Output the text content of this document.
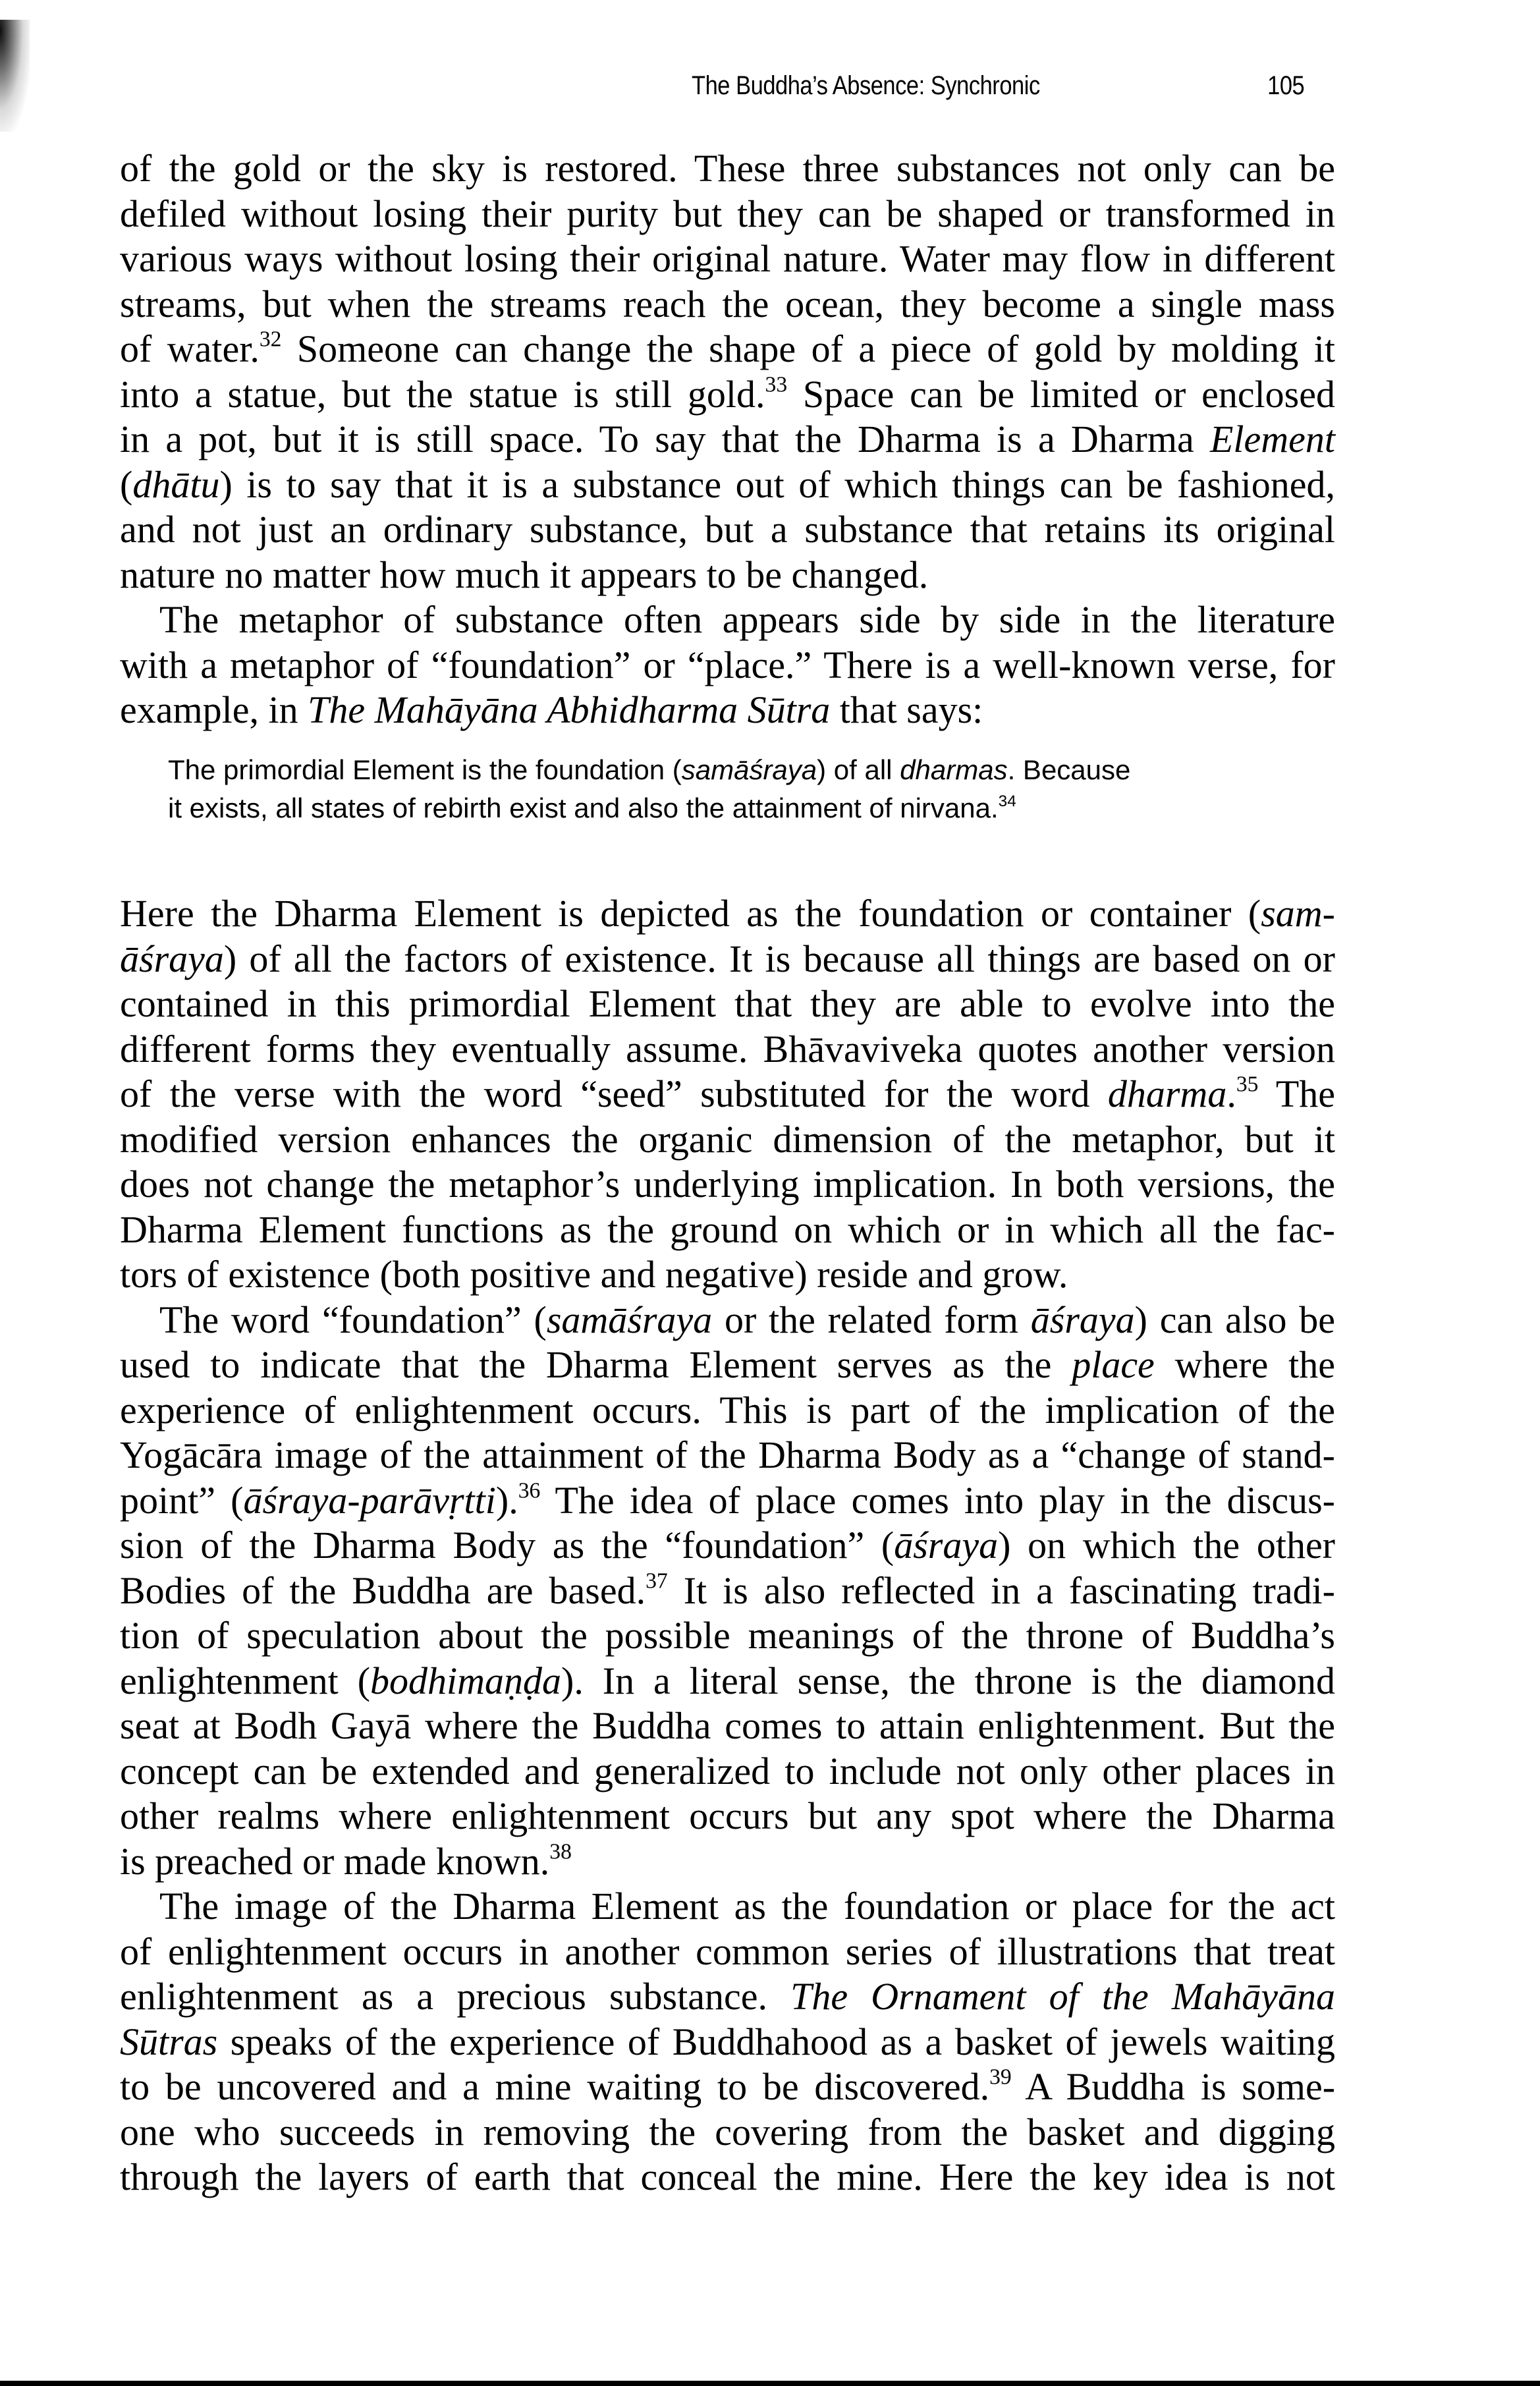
The Buddha’s Absence: Synchronic	105
of the gold or the sky is restored. These three substances not only can be
defiled without losing their purity but they can be shaped or transformed in
various ways without losing their original nature. Water may flow in different
streams, but when the streams reach the ocean, they become a single mass
of water.$^{32}$ Someone can change the shape of a piece of gold by molding it
into a statue, but the statue is still gold.$^{33}$ Space can be limited or enclosed
in a pot, but it is still space. To say that the Dharma is a Dharma Element
(dhātu) is to say that it is a substance out of which things can be fashioned,
and not just an ordinary substance, but a substance that retains its original
nature no matter how much it appears to be changed.
The metaphor of substance often appears side by side in the literature
with a metaphor of “foundation” or “place.” There is a well-known verse, for
example, in The Mahāyāna Abhidharma Sūtra that says:
The primordial Element is the foundation (samāśraya) of all dharmas. Because
it exists, all states of rebirth exist and also the attainment of nirvana.$^{34}$
Here the Dharma Element is depicted as the foundation or container (sam-
āśraya) of all the factors of existence. It is because all things are based on or
contained in this primordial Element that they are able to evolve into the
different forms they eventually assume. Bhāvaviveka quotes another version
of the verse with the word “seed” substituted for the word dharma.$^{35}$ The
modified version enhances the organic dimension of the metaphor, but it
does not change the metaphor’s underlying implication. In both versions, the
Dharma Element functions as the ground on which or in which all the fac-
tors of existence (both positive and negative) reside and grow.
The word “foundation” (samāśraya or the related form āśraya) can also be
used to indicate that the Dharma Element serves as the place where the
experience of enlightenment occurs. This is part of the implication of the
Yogācāra image of the attainment of the Dharma Body as a “change of stand-
point” (āśraya-parāvṛtti).$^{36}$ The idea of place comes into play in the discus-
sion of the Dharma Body as the “foundation” (āśraya) on which the other
Bodies of the Buddha are based.$^{37}$ It is also reflected in a fascinating tradi-
tion of speculation about the possible meanings of the throne of Buddha’s
enlightenment (bodhimaṇḍa). In a literal sense, the throne is the diamond
seat at Bodh Gayā where the Buddha comes to attain enlightenment. But the
concept can be extended and generalized to include not only other places in
other realms where enlightenment occurs but any spot where the Dharma
is preached or made known.$^{38}$
The image of the Dharma Element as the foundation or place for the act
of enlightenment occurs in another common series of illustrations that treat
enlightenment as a precious substance. The Ornament of the Mahāyāna
Sūtras speaks of the experience of Buddhahood as a basket of jewels waiting
to be uncovered and a mine waiting to be discovered.$^{39}$ A Buddha is some-
one who succeeds in removing the covering from the basket and digging
through the layers of earth that conceal the mine. Here the key idea is not
